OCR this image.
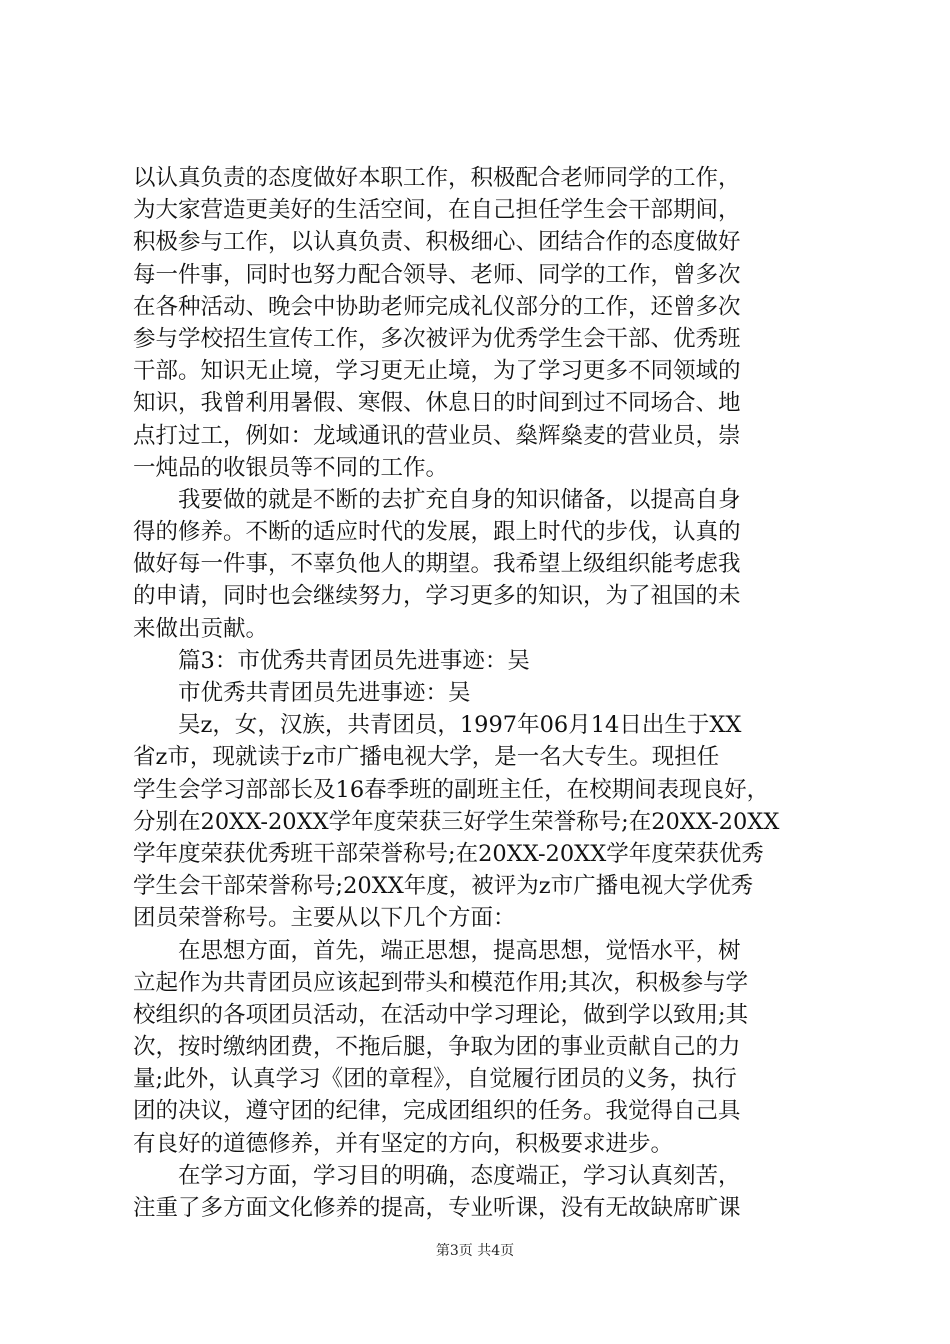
以认真负责的态度做好本职工作，积极配合老师同学的工作，
为大家营造更美好的生活空间，在自己担任学生会干部期间，
积极参与工作，以认真负责、积极细心、团结合作的态度做好
每一件事，同时也努力配合领导、老师、同学的工作，曾多次
在各种活动、晚会中协助老师完成礼仪部分的工作，还曾多次
参与学校招生宣传工作，多次被评为优秀学生会干部、优秀班
干部。知识无止境，学习更无止境，为了学习更多不同领域的
知识，我曾利用暑假、寒假、休息日的时间到过不同场合、地
点打过工，例如：龙域通讯的营业员、燊辉燊麦的营业员，崇
一炖品的收银员等不同的工作。
　　我要做的就是不断的去扩充自身的知识储备，以提高自身
得的修养。不断的适应时代的发展，跟上时代的步伐，认真的
做好每一件事，不辜负他人的期望。我希望上级组织能考虑我
的申请，同时也会继续努力，学习更多的知识，为了祖国的未
来做出贡献。
　　篇3：市优秀共青团员先进事迹：吴
　　市优秀共青团员先进事迹：吴
　　吴z，女，汉族，共青团员，1997年06月14日出生于XX
省z市，现就读于z市广播电视大学，是一名大专生。现担任
学生会学习部部长及16春季班的副班主任，在校期间表现良好，
分别在20XX-20XX学年度荣获三好学生荣誉称号;在20XX-20XX
学年度荣获优秀班干部荣誉称号;在20XX-20XX学年度荣获优秀
学生会干部荣誉称号;20XX年度，被评为z市广播电视大学优秀
团员荣誉称号。主要从以下几个方面：
　　在思想方面，首先，端正思想，提高思想，觉悟水平，树
立起作为共青团员应该起到带头和模范作用;其次，积极参与学
校组织的各项团员活动，在活动中学习理论，做到学以致用;其
次，按时缴纳团费，不拖后腿，争取为团的事业贡献自己的力
量;此外，认真学习《团的章程》，自觉履行团员的义务，执行
团的决议，遵守团的纪律，完成团组织的任务。我觉得自己具
有良好的道德修养，并有坚定的方向，积极要求进步。
　　在学习方面，学习目的明确，态度端正，学习认真刻苦，
注重了多方面文化修养的提高，专业听课，没有无故缺席旷课
第3页 共4页
